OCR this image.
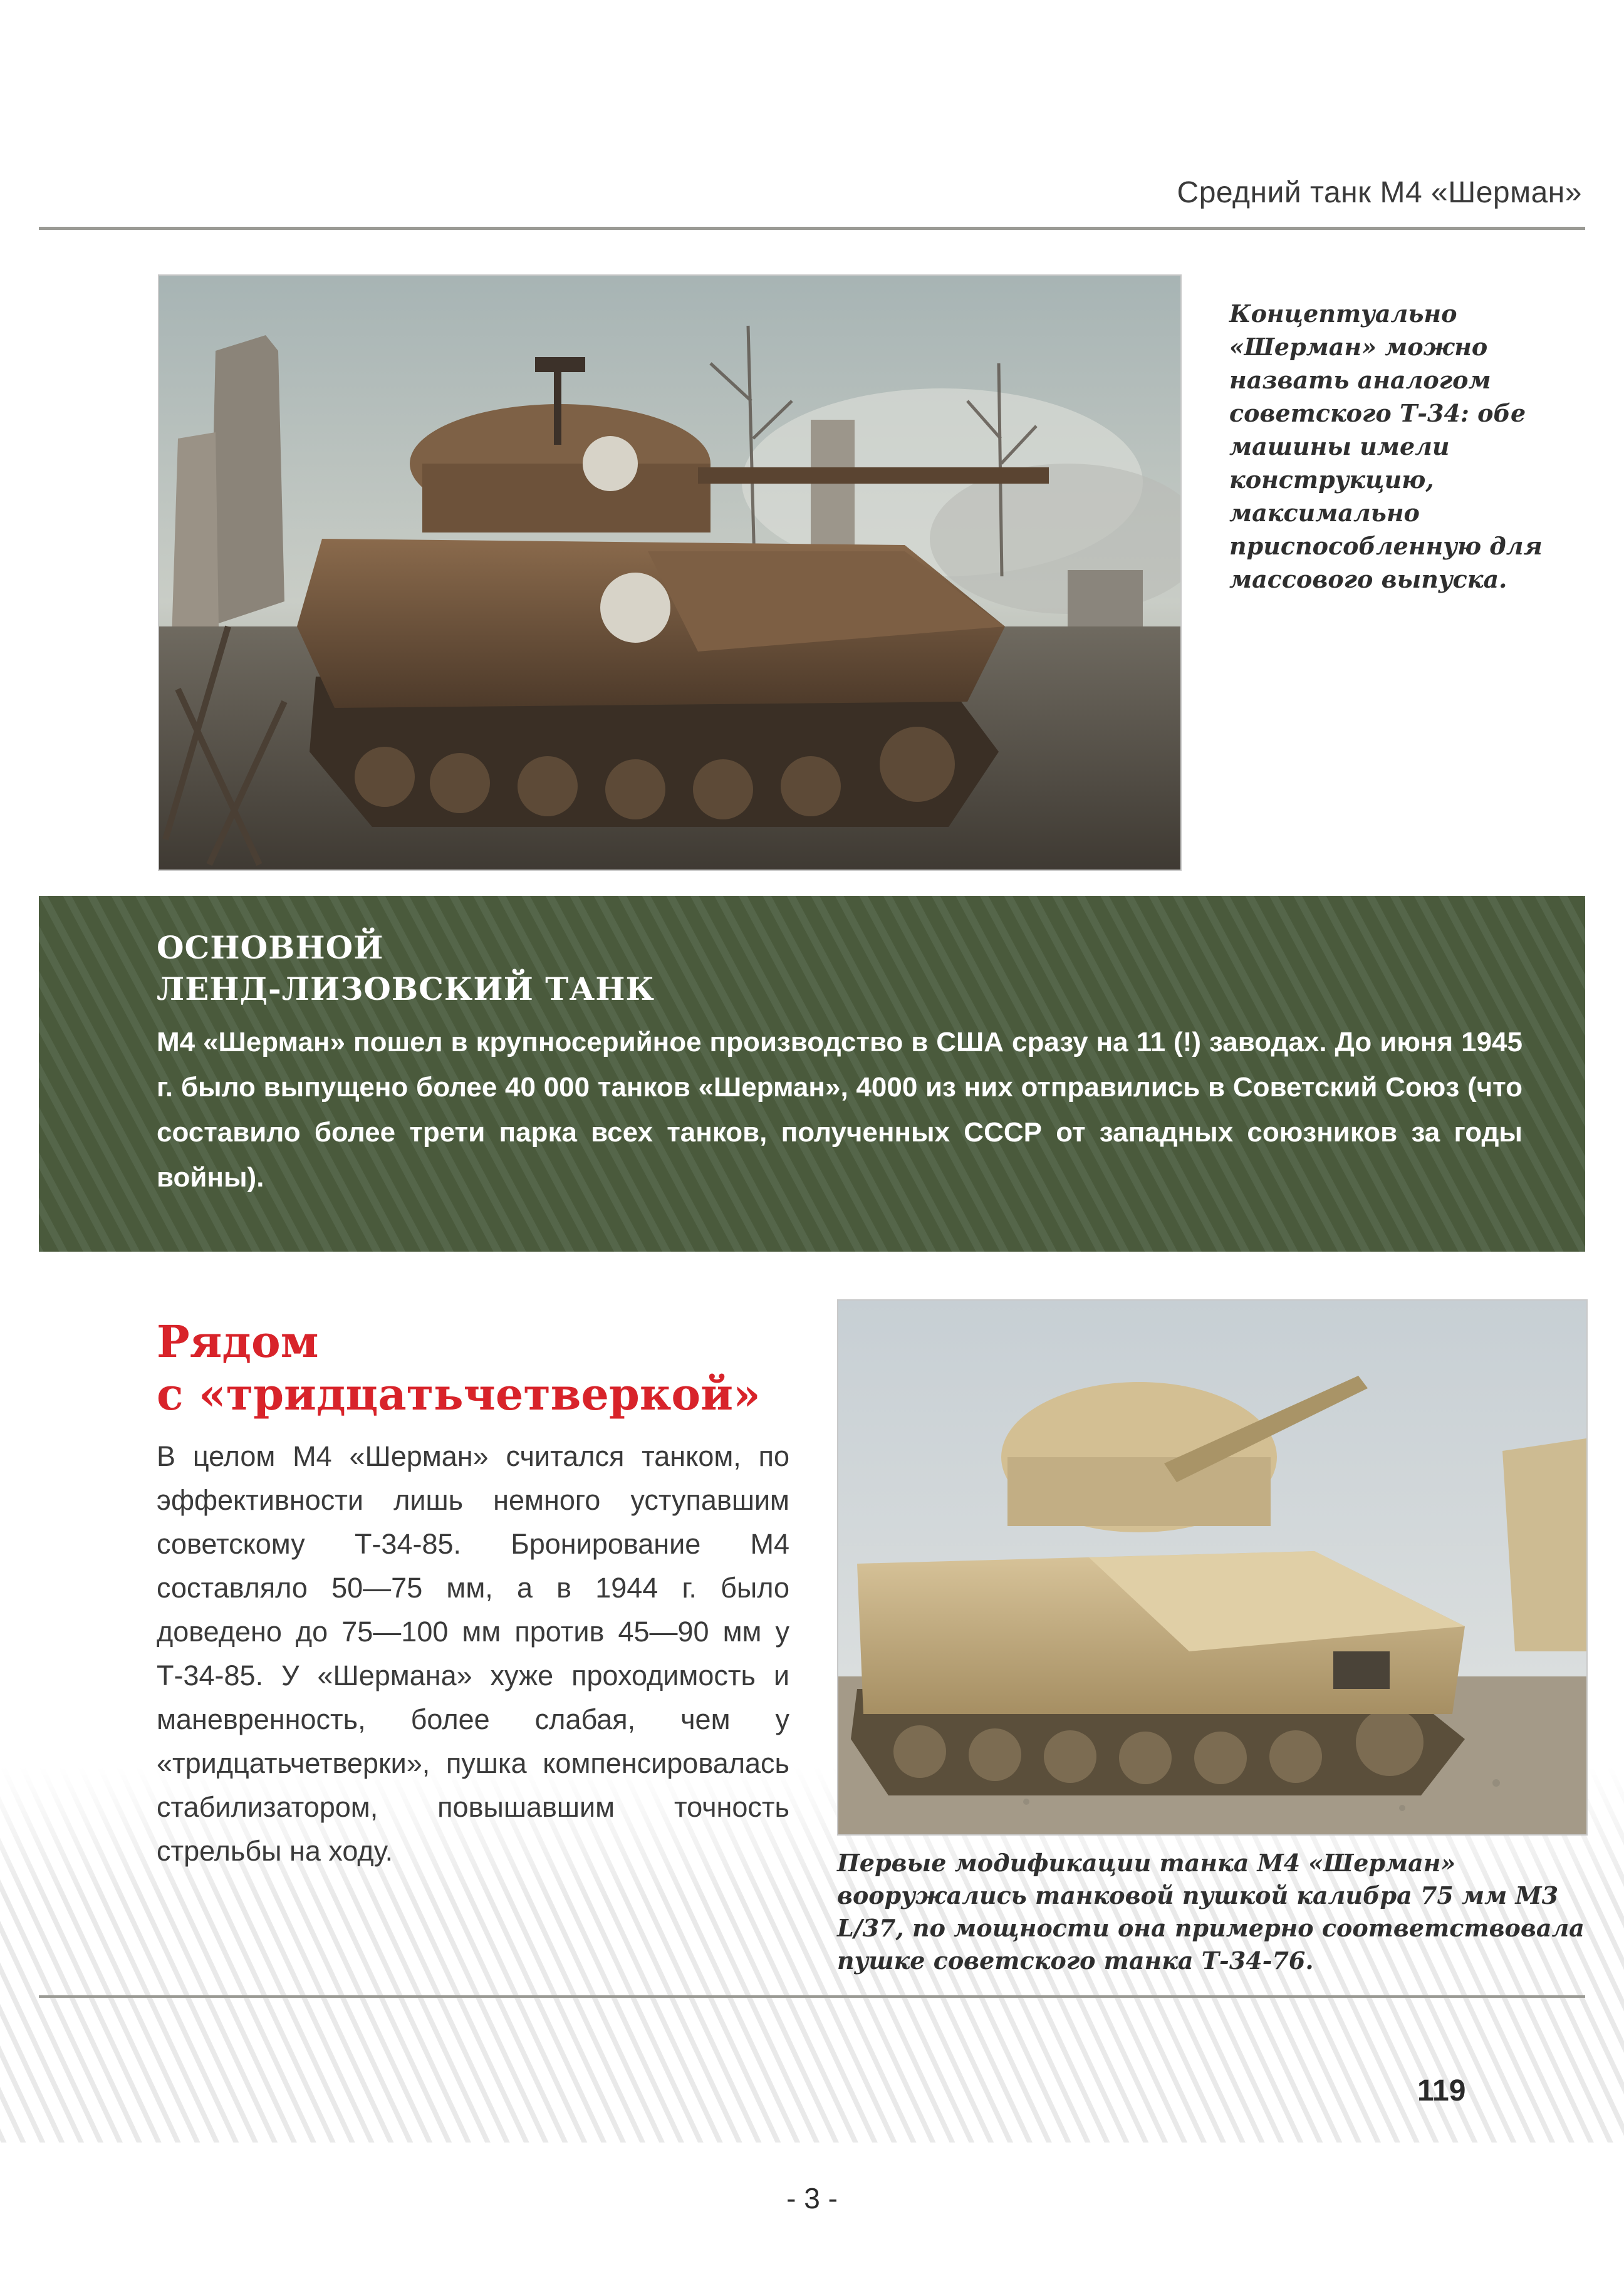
Средний танк М4 «Шерман»
Концептуально «Шерман» можно назвать аналогом советского Т-34: обе машины имели конструкцию, максимально приспособленную для массового выпуска.
ОСНОВНОЙ
ЛЕНД-ЛИЗОВСКИЙ ТАНК
М4 «Шерман» пошел в крупносерийное производство в США сразу на 11 (!) заводах. До июня 1945 г. было выпущено более 40 000 танков «Шерман», 4000 из них отправились в Советский Союз (что составило более трети парка всех танков, полученных СССР от западных союзников за годы войны).
Рядом
с «тридцатьчетверкой»
В целом М4 «Шерман» считался танком, по эффективности лишь немного уступавшим советскому Т-34-85. Бронирование М4 составляло 50—75 мм, а в 1944 г. было доведено до 75—100 мм против 45—90 мм у Т-34-85. У «Шермана» хуже проходимость и маневренность, более слабая, чем у «тридцатьчетверки», пушка компенсировалась стабилизатором, повышавшим точность стрельбы на ходу.	Первые модификации танка М4 «Шерман» вооружались танковой пушкой калибра 75 мм М3 L/37, по мощности она примерно соответствовала пушке советского танка Т-34-76.
119
- 3 -
